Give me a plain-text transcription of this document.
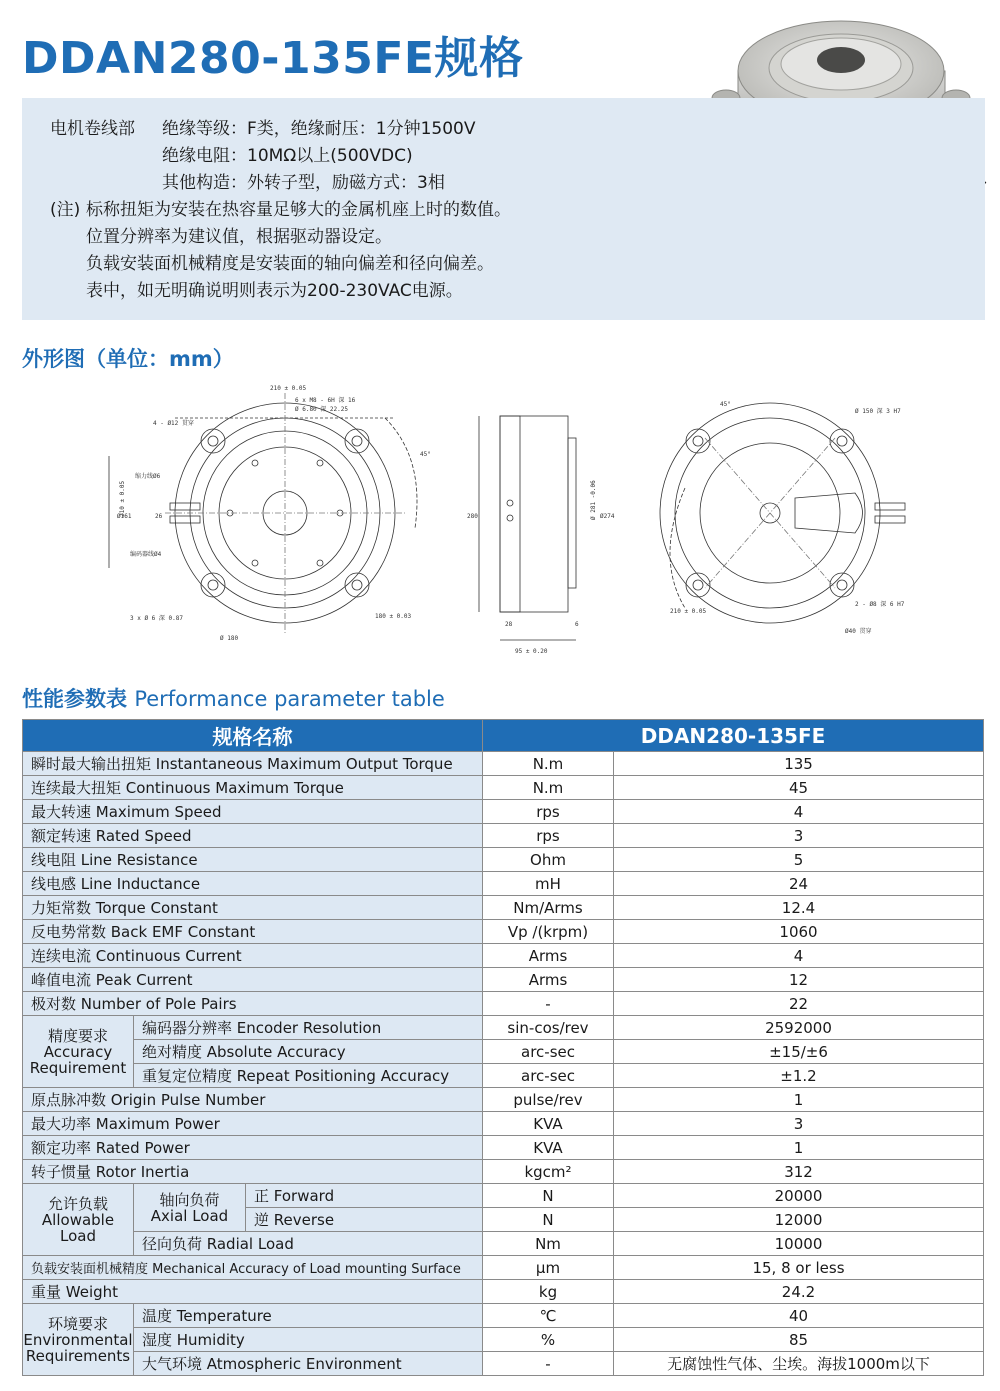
DDAN280-135FE规格
电机卷线部	绝缘等级：F类，绝缘耐压：1分钟1500V
绝缘电阻：10MΩ以上(500VDC)
其他构造：外转子型，励磁方式：3相
(注) 标称扭矩为安装在热容量足够大的金属机座上时的数值。
位置分辨率为建议值，根据驱动器设定。
负载安装面机械精度是安装面的轴向偏差和径向偏差。
表中，如无明确说明则表示为200-230VAC电源。
外形图（单位：mm）
210 ± 0.05
6 x M8 - 6H 深 16
Ø 6.80 深 22.25
4 - Ø12 贯穿
缩力线Ø6
编码器线Ø4
Ø161
210 ± 0.05
3 x Ø 6 深 0.87
Ø 180
180 ± 0.03
45°
26	280	Ø 281 -0.06 Ø274
28	6
95 ± 0.20
Ø 150 深 3 H7
2 - Ø8 深 6 H7
Ø40 贯穿
210 ± 0.05
45°
性能参数表 Performance parameter table
规格名称			DDAN280-135FE	
瞬时最大输出扭矩 Instantaneous Maximum Output Torque			N.m	135
连续最大扭矩 Continuous Maximum Torque			N.m	45
最大转速 Maximum Speed			rps	4
额定转速 Rated Speed			rps	3
线电阻 Line Resistance			Ohm	5
线电感 Line Inductance			mH	24
力矩常数 Torque Constant			Nm/Arms	12.4
反电势常数 Back EMF Constant			Vp /(krpm)	1060
连续电流 Continuous Current			Arms	4
峰值电流 Peak Current			Arms	12
极对数 Number of Pole Pairs			-	22
精度要求
Accuracy
Requirement	编码器分辨率 Encoder Resolution		sin-cos/rev	2592000
	绝对精度 Absolute Accuracy		arc-sec	±15/±6
	重复定位精度 Repeat Positioning Accuracy		arc-sec	±1.2
原点脉冲数 Origin Pulse Number			pulse/rev	1
最大功率 Maximum Power			KVA	3
额定功率 Rated Power			KVA	1
转子惯量 Rotor Inertia			kgcm²	312
允许负载
Allowable Load	轴向负荷
Axial Load	正 Forward	N	20000
		逆 Reverse	N	12000
	径向负荷 Radial Load		Nm	10000
负载安装面机械精度 Mechanical Accuracy of Load mounting Surface			μm	15, 8 or less
重量 Weight			kg	24.2
环境要求
Environmental
Requirements	温度 Temperature		℃	40
	湿度 Humidity		%	85
	大气环境 Atmospheric Environment		-	无腐蚀性气体、尘埃。海拔1000m以下
